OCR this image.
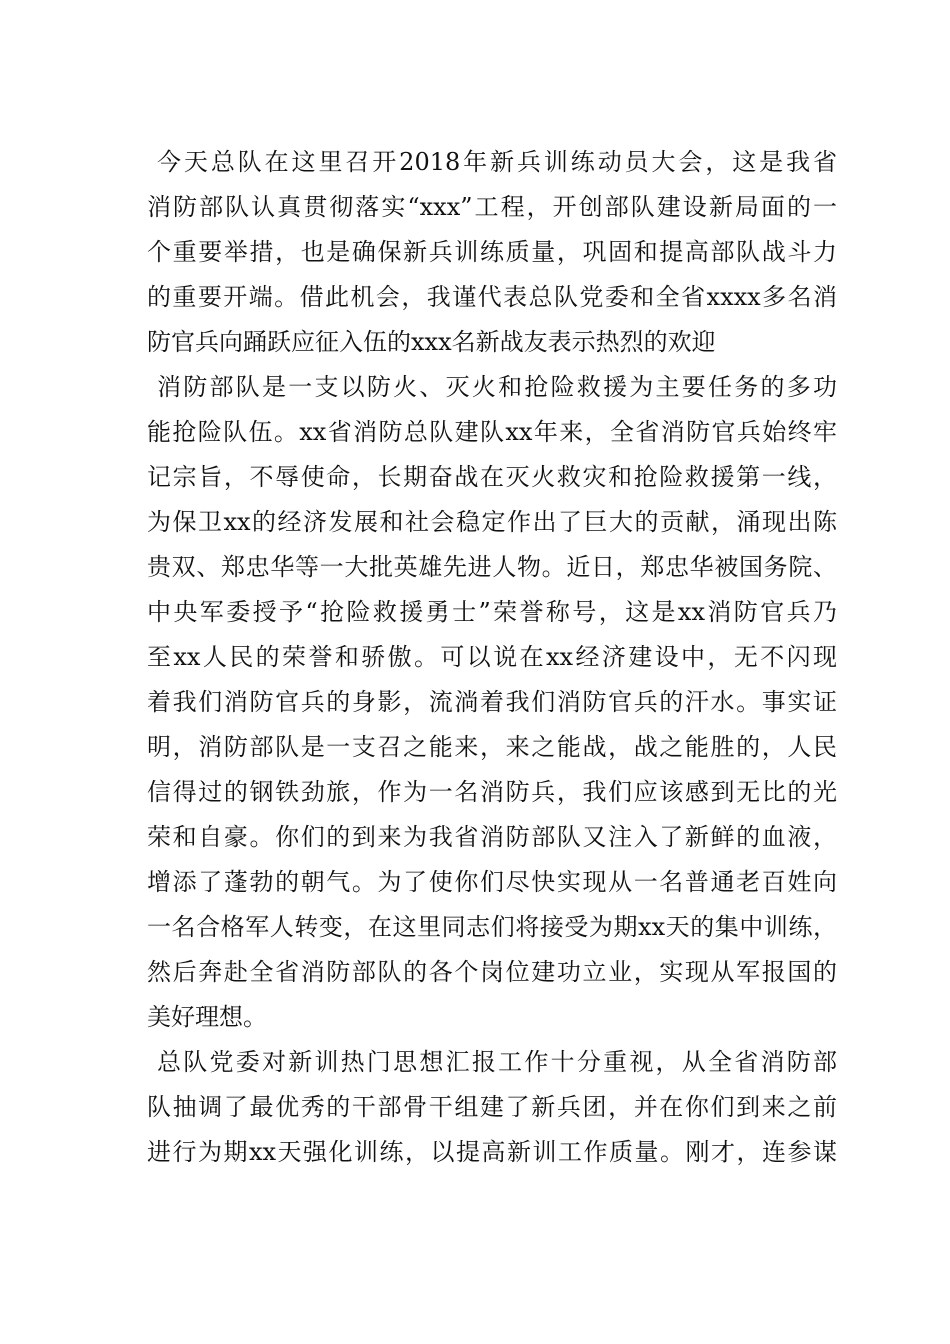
今天总队在这里召开2018年新兵训练动员大会，这是我省
消防部队认真贯彻落实“xxx”工程，开创部队建设新局面的一
个重要举措，也是确保新兵训练质量，巩固和提高部队战斗力
的重要开端。借此机会，我谨代表总队党委和全省xxxx多名消
防官兵向踊跃应征入伍的xxx名新战友表示热烈的欢迎
消防部队是一支以防火、灭火和抢险救援为主要任务的多功
能抢险队伍。xx省消防总队建队xx年来，全省消防官兵始终牢
记宗旨，不辱使命，长期奋战在灭火救灾和抢险救援第一线，
为保卫xx的经济发展和社会稳定作出了巨大的贡献，涌现出陈
贵双、郑忠华等一大批英雄先进人物。近日，郑忠华被国务院、
中央军委授予“抢险救援勇士”荣誉称号，这是xx消防官兵乃
至xx人民的荣誉和骄傲。可以说在xx经济建设中，无不闪现
着我们消防官兵的身影，流淌着我们消防官兵的汗水。事实证
明，消防部队是一支召之能来，来之能战，战之能胜的，人民
信得过的钢铁劲旅，作为一名消防兵，我们应该感到无比的光
荣和自豪。你们的到来为我省消防部队又注入了新鲜的血液，
增添了蓬勃的朝气。为了使你们尽快实现从一名普通老百姓向
一名合格军人转变，在这里同志们将接受为期xx天的集中训练，
然后奔赴全省消防部队的各个岗位建功立业，实现从军报国的
美好理想。
总队党委对新训热门思想汇报工作十分重视，从全省消防部
队抽调了最优秀的干部骨干组建了新兵团，并在你们到来之前
进行为期xx天强化训练，以提高新训工作质量。刚才，连参谋
